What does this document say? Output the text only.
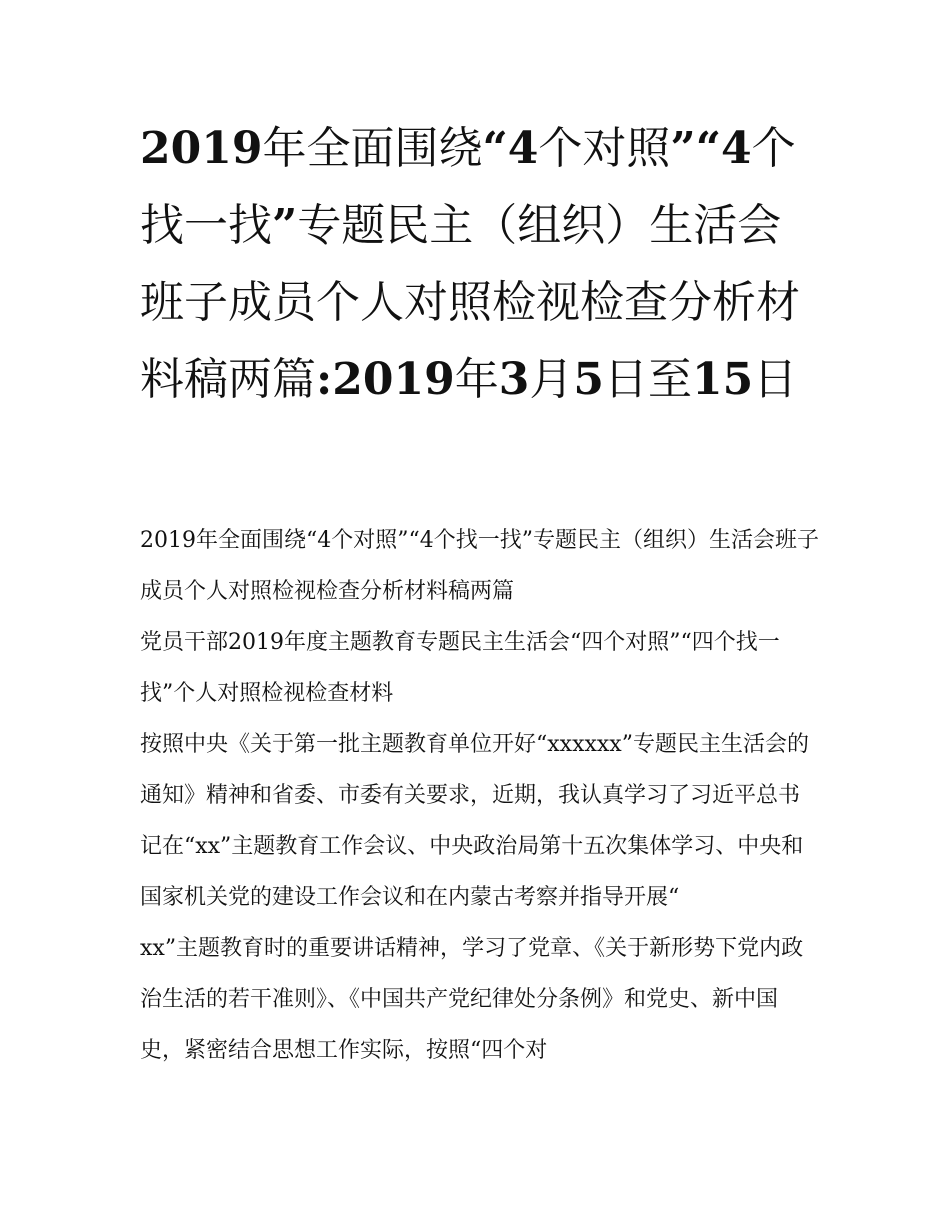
2019年全面围绕“4个对照”“4个找一找”专题民主（组织）生活会班子成员个人对照检视检查分析材料稿两篇:2019年3月5日至15日

2019年全面围绕“4个对照”“4个找一找”专题民主（组织）生活会班子成员个人对照检视检查分析材料稿两篇

党员干部2019年度主题教育专题民主生活会“四个对照”“四个找一找”个人对照检视检查材料

按照中央《关于第一批主题教育单位开好“xxxxxx”专题民主生活会的通知》精神和省委、市委有关要求，近期，我认真学习了习近平总书记在“xx”主题教育工作会议、中央政治局第十五次集体学习、中央和国家机关党的建设工作会议和在内蒙古考察并指导开展“

xx”主题教育时的重要讲话精神，学习了党章、《关于新形势下党内政治生活的若干准则》、《中国共产党纪律处分条例》和党史、新中国史，紧密结合思想工作实际，按照“四个对
